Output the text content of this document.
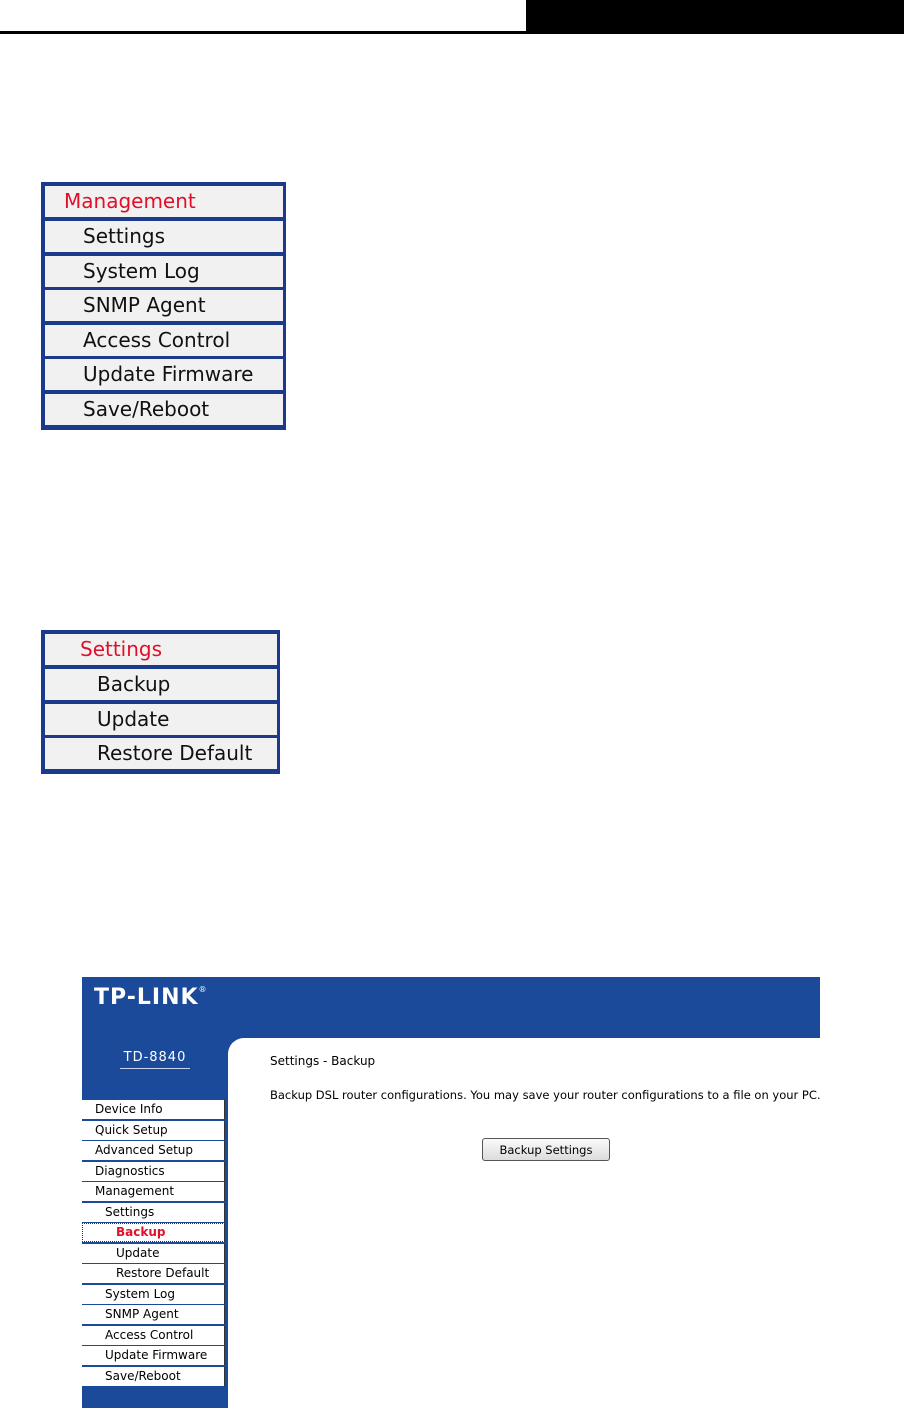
Management
Settings
System Log
SNMP Agent
Access Control
Update Firmware
Save/Reboot
Settings
Backup
Update
Restore Default
TP-LINK®
TD-8840
Device Info
Quick Setup
Advanced Setup
Diagnostics
Management
Settings
Backup
Update
Restore Default
System Log
SNMP Agent
Access Control
Update Firmware
Save/Reboot
Settings - Backup
Backup DSL router configurations. You may save your router configurations to a file on your PC.
Backup Settings
